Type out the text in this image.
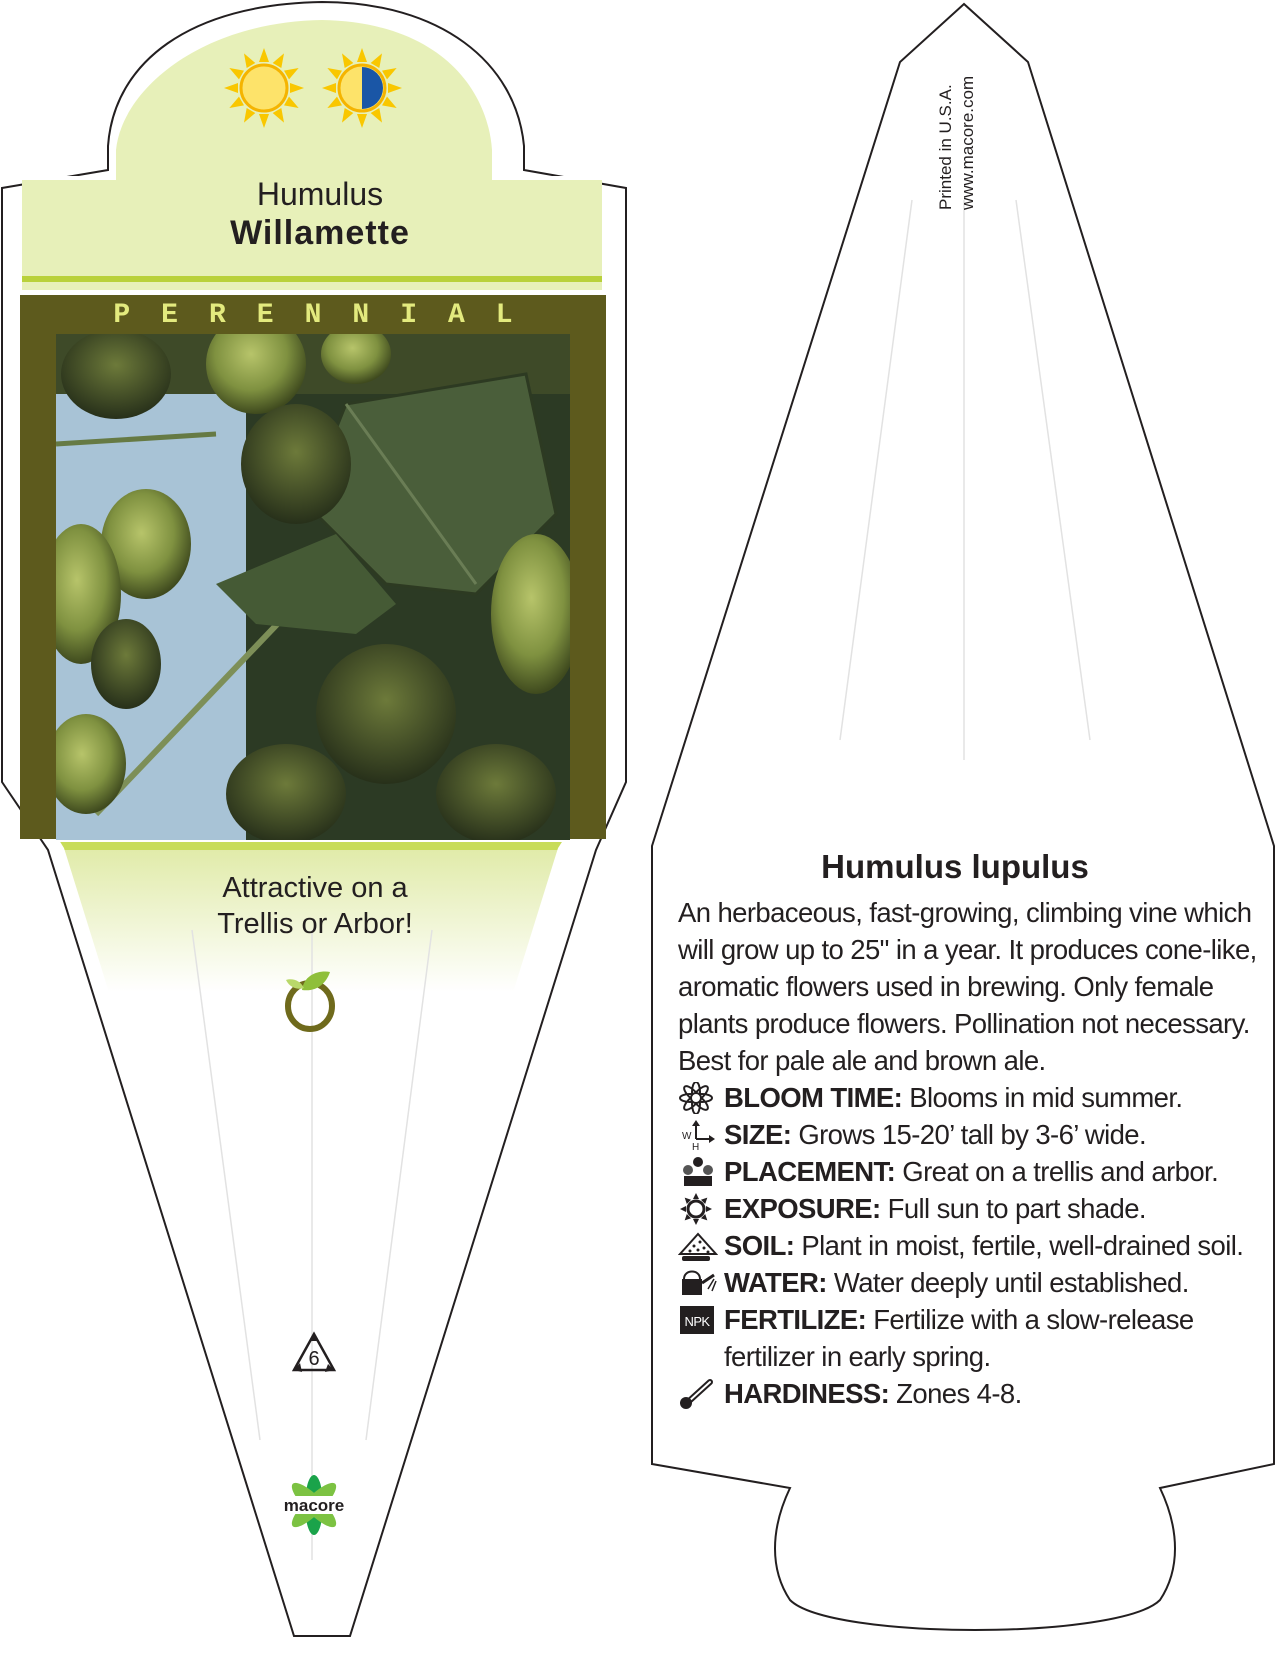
Humulus
Willamette
PERENNIAL
Attractive on a
Trellis or Arbor!
6
macore
Printed in U.S.A. www.macore.com
Humulus lupulus

An herbaceous, fast-growing, climbing vine which will grow up to 25" in a year. It produces cone-like, aromatic flowers used in brewing. Only female plants produce flowers. Pollination not necessary. Best for pale ale and brown ale.

BLOOM TIME: Blooms in mid summer.

W
H SIZE: Grows 15-20’ tall by 3-6’ wide.

PLACEMENT: Great on a trellis and arbor.

EXPOSURE: Full sun to part shade.

SOIL: Plant in moist, fertile, well-drained soil.

WATER: Water deeply until established.

NPK FERTILIZE: Fertilize with a slow-release fertilizer in early spring.

HARDINESS: Zones 4-8.
